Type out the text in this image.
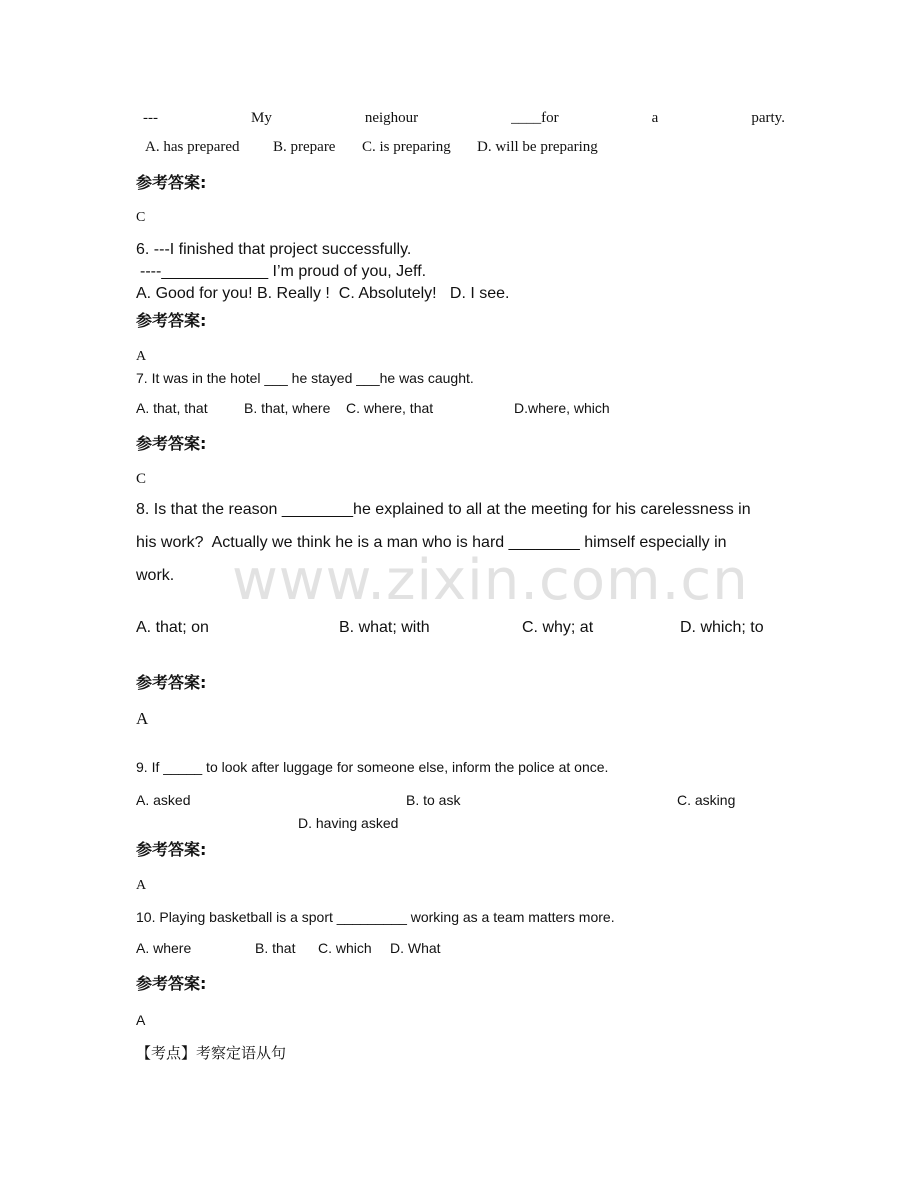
---	My	neighour	____for	a	party.
A. has prepared B. prepare C. is preparing D. will be preparing
参考答案:
C
6. ---I finished that project successfully.
----____________ I’m proud of you, Jeff.
A. Good for you! B. Really !  C. Absolutely!   D. I see.
参考答案:
A
7. It was in the hotel ___ he stayed ___he was caught.
A. that, that	B. that, where C. where, that	D.where, which
参考答案:
C
www.zixin.com.cn
8. Is that the reason ________he explained to all at the meeting for his carelessness in
his work?  Actually we think he is a man who is hard ________ himself especially in
work.
A. that; on	B. what; with	C. why; at	D. which; to
参考答案:
A
9. If _____ to look after luggage for someone else, inform the police at once.
A. asked	B. to ask	C. asking
D. having asked
参考答案:
A
10. Playing basketball is a sport _________ working as a team matters more.
A. where	B. that C. which D. What
参考答案:
A
【考点】考察定语从句
